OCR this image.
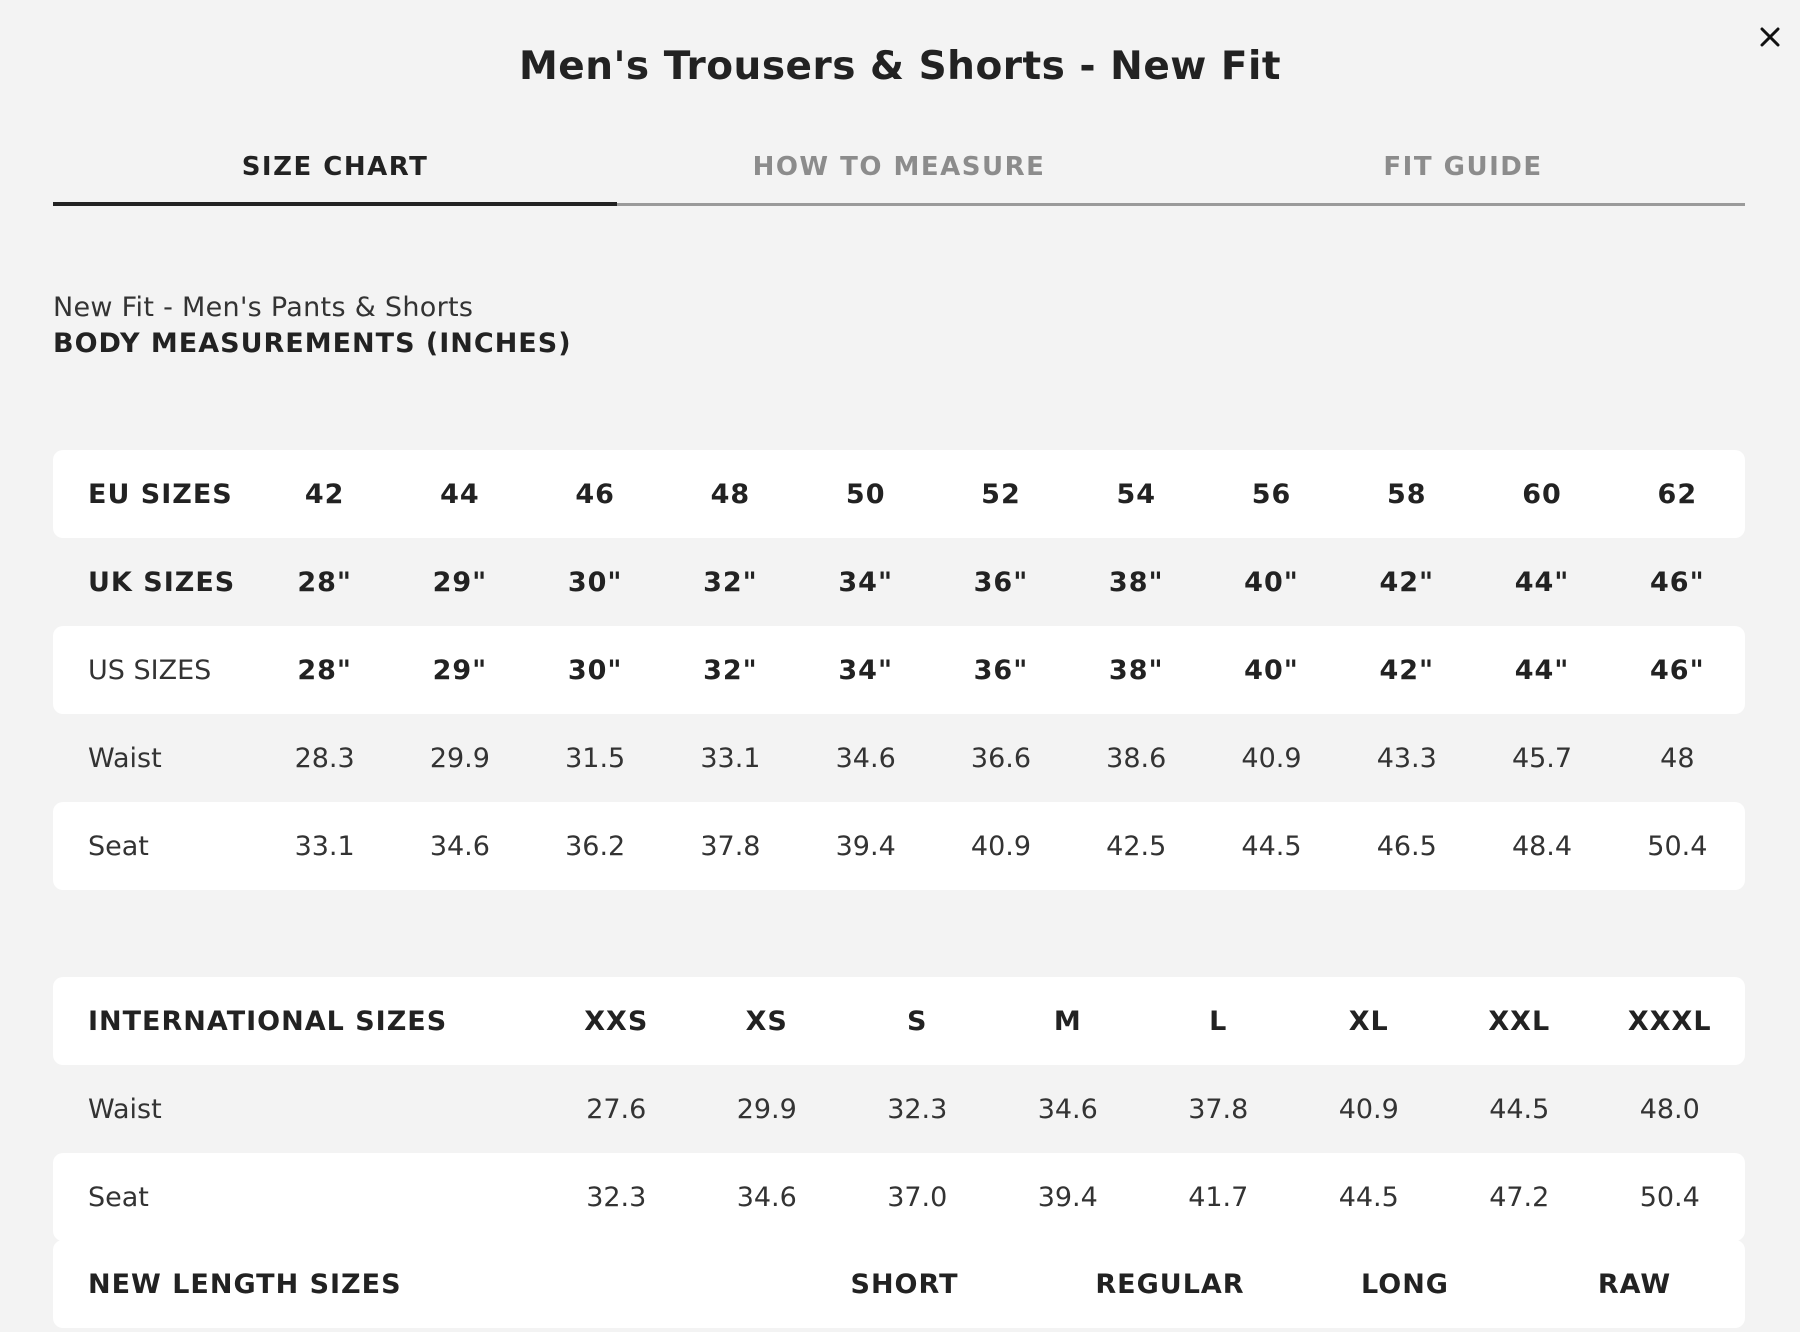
Men's Trousers & Shorts - New Fit
SIZE CHART	HOW TO MEASURE	FIT GUIDE
New Fit - Men's Pants & Shorts
BODY MEASUREMENTS (INCHES)
EU SIZES	42	44	46	48	50	52	54	56	58	60	62
UK SIZES	28"	29"	30"	32"	34"	36"	38"	40"	42"	44"	46"
US SIZES	28"	29"	30"	32"	34"	36"	38"	40"	42"	44"	46"
Waist	28.3	29.9	31.5	33.1	34.6	36.6	38.6	40.9	43.3	45.7	48
Seat	33.1	34.6	36.2	37.8	39.4	40.9	42.5	44.5	46.5	48.4	50.4
INTERNATIONAL SIZES	XXS	XS	S	M	L	XL	XXL	XXXL
Waist	27.6	29.9	32.3	34.6	37.8	40.9	44.5	48.0
Seat	32.3	34.6	37.0	39.4	41.7	44.5	47.2	50.4
NEW LENGTH SIZES	SHORT	REGULAR	LONG	RAW
